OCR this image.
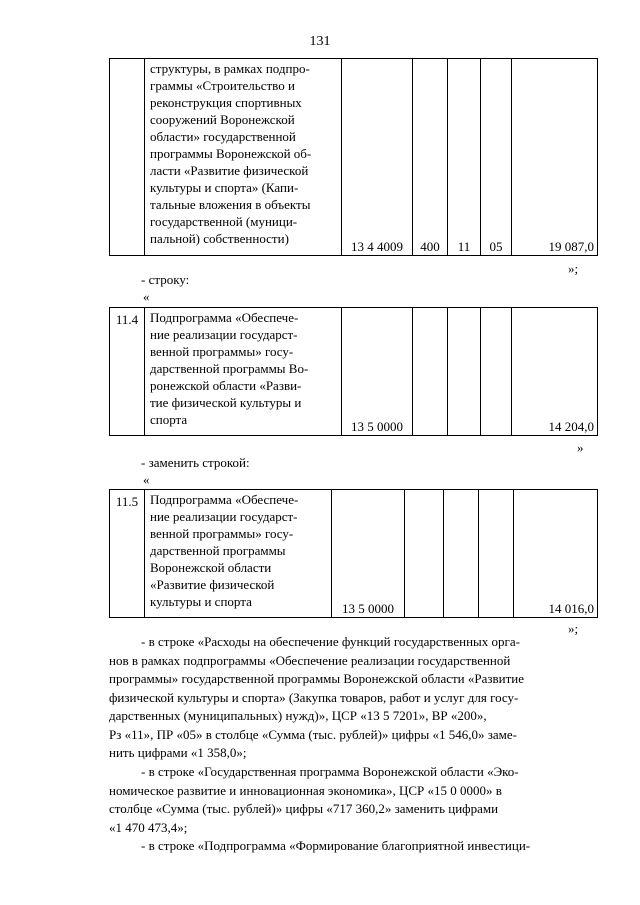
131

структуры, в рамках подпро-
граммы «Строительство и
реконструкция спортивных
сооружений Воронежской
области» государственной
программы Воронежской об-
ласти «Развитие физической
культуры и спорта» (Капи-
тальные вложения в объекты
государственной (муници-
пальной) собственности)
	13 4 4009	400	11	05	19 087,0
»;
- строку:
«
11.4	Подпрограмма «Обеспече-
ние реализации государст-
венной программы» госу-
дарственной программы Во-
ронежской области «Разви-
тие физической культуры и
спорта	13 5 0000				14 204,0
»
- заменить строкой:
«
11.5	Подпрограмма «Обеспече-
ние реализации государст-
венной программы» госу-
дарственной программы
Воронежской области
«Развитие физической
культуры и спорта	13 5 0000				14 016,0
»;
- в строке «Расходы на обеспечение функций государственных орга-
нов в рамках подпрограммы «Обеспечение реализации государственной
программы» государственной программы Воронежской области «Развитие
физической культуры и спорта» (Закупка товаров, работ и услуг для госу-
дарственных (муниципальных) нужд)», ЦСР «13 5 7201», ВР «200»,
Рз «11», ПР «05» в столбце «Сумма (тыс. рублей)» цифры «1 546,0» заме-
нить цифрами «1 358,0»;
- в строке «Государственная программа Воронежской области «Эко-
номическое развитие и инновационная экономика», ЦСР «15 0 0000» в
столбце «Сумма (тыс. рублей)» цифры «717 360,2» заменить цифрами
«1 470 473,4»;
- в строке «Подпрограмма «Формирование благоприятной инвестици-
